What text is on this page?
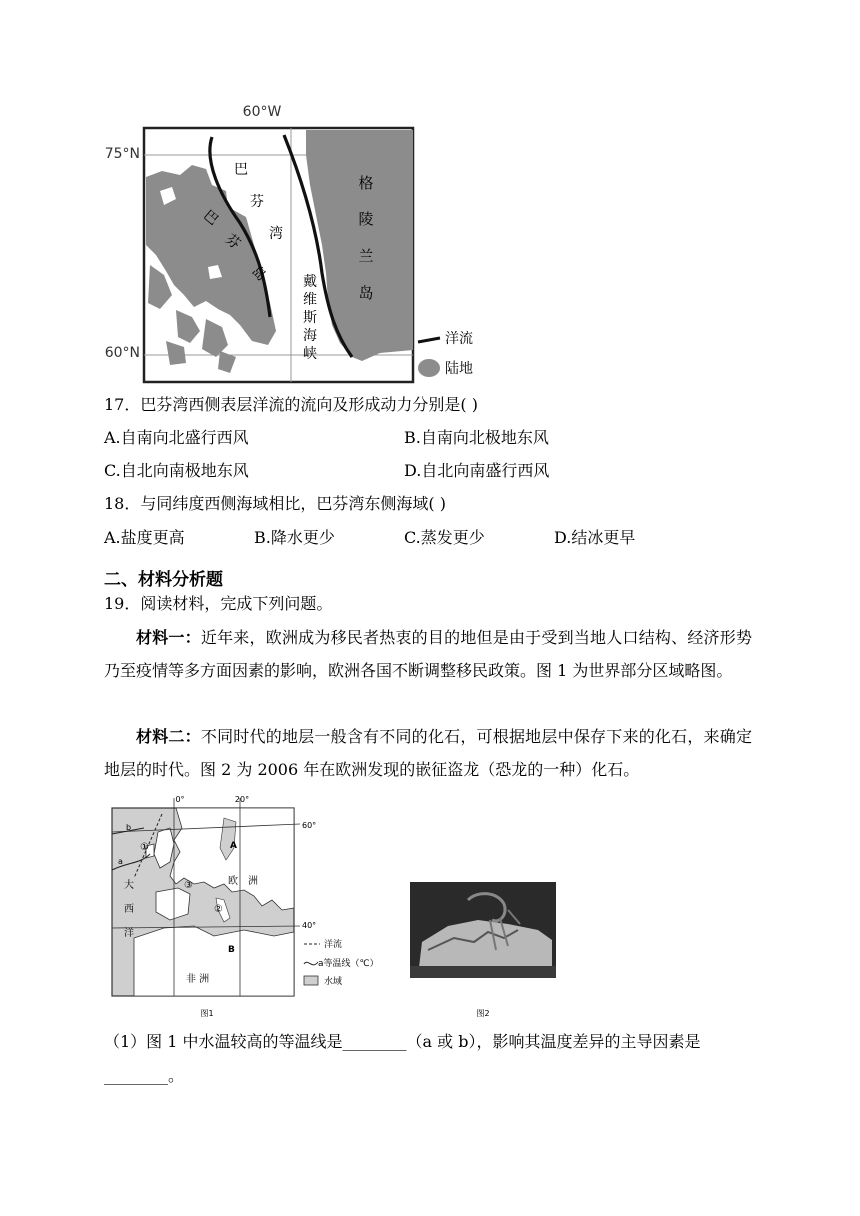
60°W
75°N
60°N
巴
芬
湾
巴
芬
岛 戴
维
斯
海
峡
格
陵
兰
岛
洋流
陆地
17．巴芬湾西侧表层洋流的流向及形成动力分别是( )
A.自南向北盛行西风	B.自南向北极地东风
C.自北向南极地东风	D.自北向南盛行西风
18．与同纬度西侧海域相比，巴芬湾东侧海域( )
A.盐度更高	B.降水更少	C.蒸发更少	D.结冰更早
二、材料分析题
19．阅读材料，完成下列问题。
材料一：近年来，欧洲成为移民者热衷的目的地但是由于受到当地人口结构、经济形势乃至疫情等多方面因素的影响，欧洲各国不断调整移民政策。图 1 为世界部分区域略图。
材料二：不同时代的地层一般含有不同的化石，可根据地层中保存下来的化石，来确定地层的时代。图 2 为 2006 年在欧洲发现的嵌征盗龙（恐龙的一种）化石。
0°	20°
60°
40°
b
a
①
②
③
A
B
大
西
洋
欧　洲
非 洲
洋流
a等温线（℃）
水域
图1	图2
（1）图 1 中水温较高的等温线是________（a 或 b），影响其温度差异的主导因素是
________。
